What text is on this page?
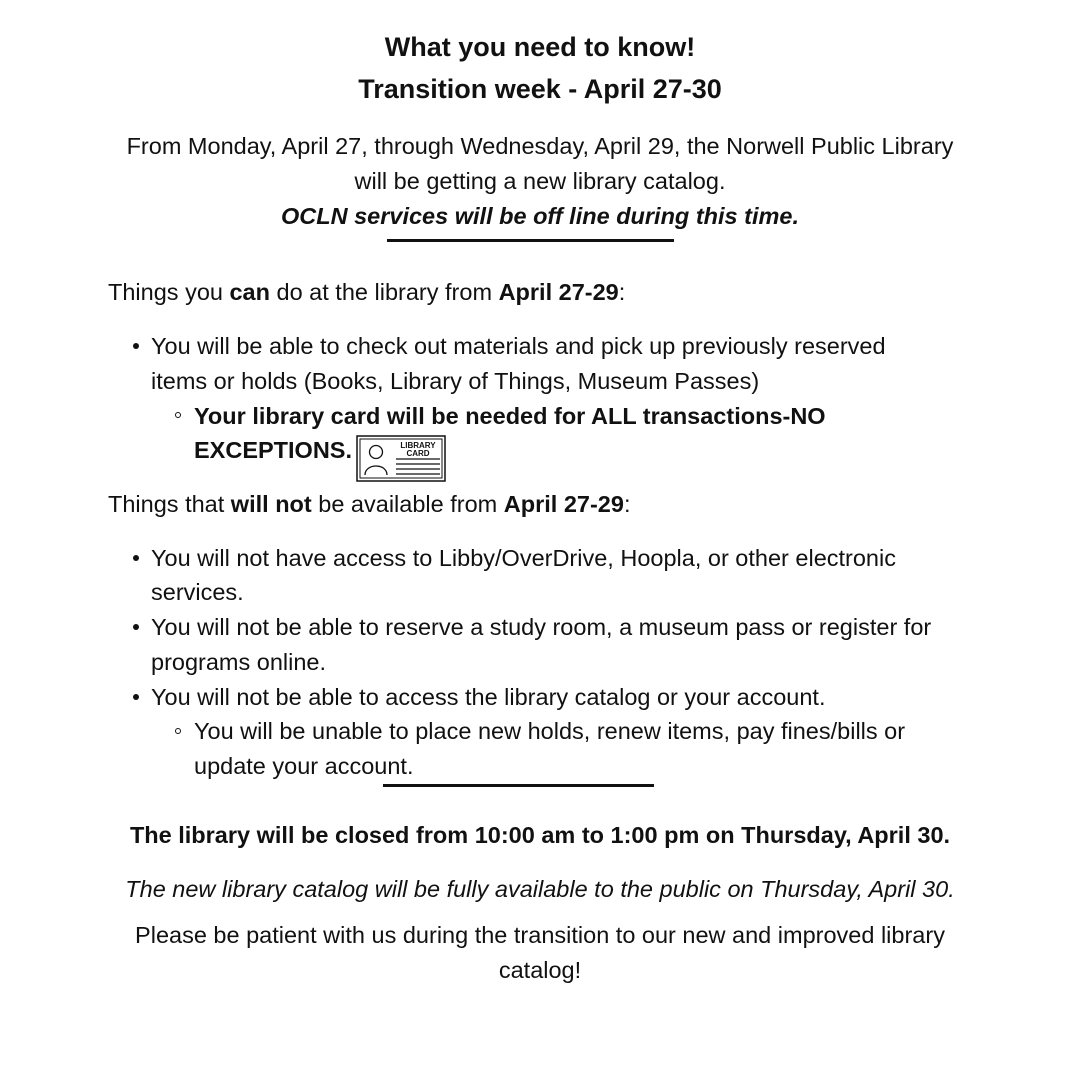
What you need to know!
Transition week - April 27-30
From Monday, April 27, through Wednesday, April 29, the Norwell Public Library
will be getting a new library catalog.
OCLN services will be off line during this time.
Things you can do at the library from April 27-29:
You will be able to check out materials and pick up previously reserved
items or holds (Books, Library of Things, Museum Passes)
Your library card will be needed for ALL transactions-NO
EXCEPTIONS.	LIBRARY
CARD
Things that will not be available from April 27-29:
You will not have access to Libby/OverDrive, Hoopla, or other electronic
services.
You will not be able to reserve a study room, a museum pass or register for
programs online.
You will not be able to access the library catalog or your account.
You will be unable to place new holds, renew items, pay fines/bills or
update your account.
The library will be closed from 10:00 am to 1:00 pm on Thursday, April 30.
The new library catalog will be fully available to the public on Thursday, April 30.
Please be patient with us during the transition to our new and improved library
catalog!
